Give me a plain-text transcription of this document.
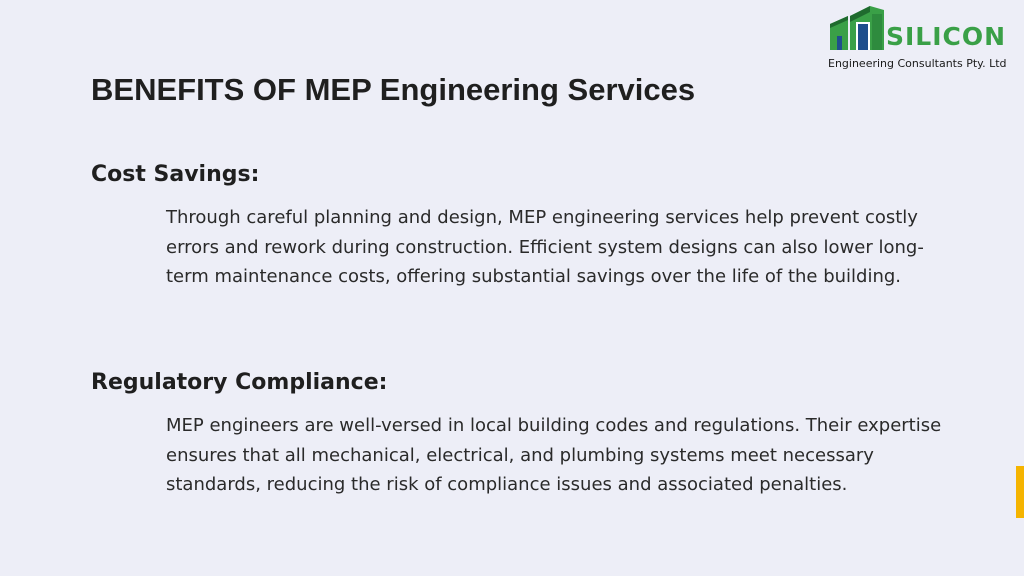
SILICON
Engineering Consultants Pty. Ltd
BENEFITS OF MEP Engineering Services
Cost Savings:

Through careful planning and design, MEP engineering services help prevent costly errors and rework during construction. Efficient system designs can also lower long-term maintenance costs, offering substantial savings over the life of the building.

Regulatory Compliance:

MEP engineers are well-versed in local building codes and regulations. Their expertise ensures that all mechanical, electrical, and plumbing systems meet necessary standards, reducing the risk of compliance issues and associated penalties.
